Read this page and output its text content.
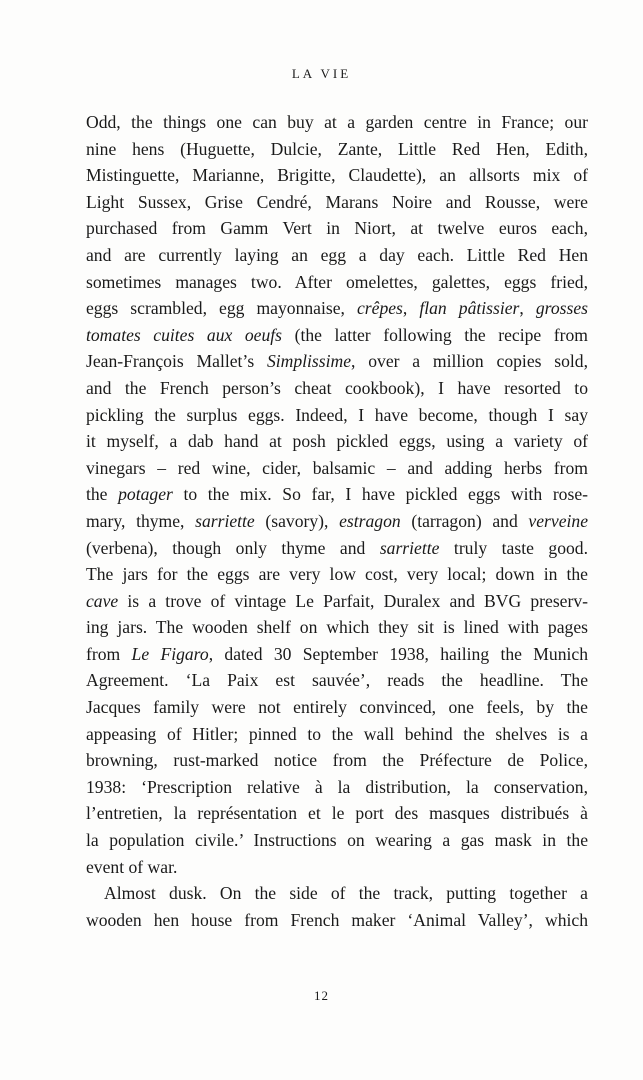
LA VIE
Odd, the things one can buy at a garden centre in France; our
nine hens (Huguette, Dulcie, Zante, Little Red Hen, Edith,
Mistinguette, Marianne, Brigitte, Claudette), an allsorts mix of
Light Sussex, Grise Cendré, Marans Noire and Rousse, were
purchased from Gamm Vert in Niort, at twelve euros each,
and are currently laying an egg a day each. Little Red Hen
sometimes manages two. After omelettes, galettes, eggs fried,
eggs scrambled, egg mayonnaise, crêpes, flan pâtissier, grosses
tomates cuites aux oeufs (the latter following the recipe from
Jean-François Mallet’s Simplissime, over a million copies sold,
and the French person’s cheat cookbook), I have resorted to
pickling the surplus eggs. Indeed, I have become, though I say
it myself, a dab hand at posh pickled eggs, using a variety of
vinegars – red wine, cider, balsamic – and adding herbs from
the potager to the mix. So far, I have pickled eggs with rose-
mary, thyme, sarriette (savory), estragon (tarragon) and verveine
(verbena), though only thyme and sarriette truly taste good.
The jars for the eggs are very low cost, very local; down in the
cave is a trove of vintage Le Parfait, Duralex and BVG preserv-
ing jars. The wooden shelf on which they sit is lined with pages
from Le Figaro, dated 30 September 1938, hailing the Munich
Agreement. ‘La Paix est sauvée’, reads the headline. The
Jacques family were not entirely convinced, one feels, by the
appeasing of Hitler; pinned to the wall behind the shelves is a
browning, rust-marked notice from the Préfecture de Police,
1938: ‘Prescription relative à la distribution, la conservation,
l’entretien, la représentation et le port des masques distribués à
la population civile.’ Instructions on wearing a gas mask in the
event of war.
Almost dusk. On the side of the track, putting together a
wooden hen house from French maker ‘Animal Valley’, which
12
